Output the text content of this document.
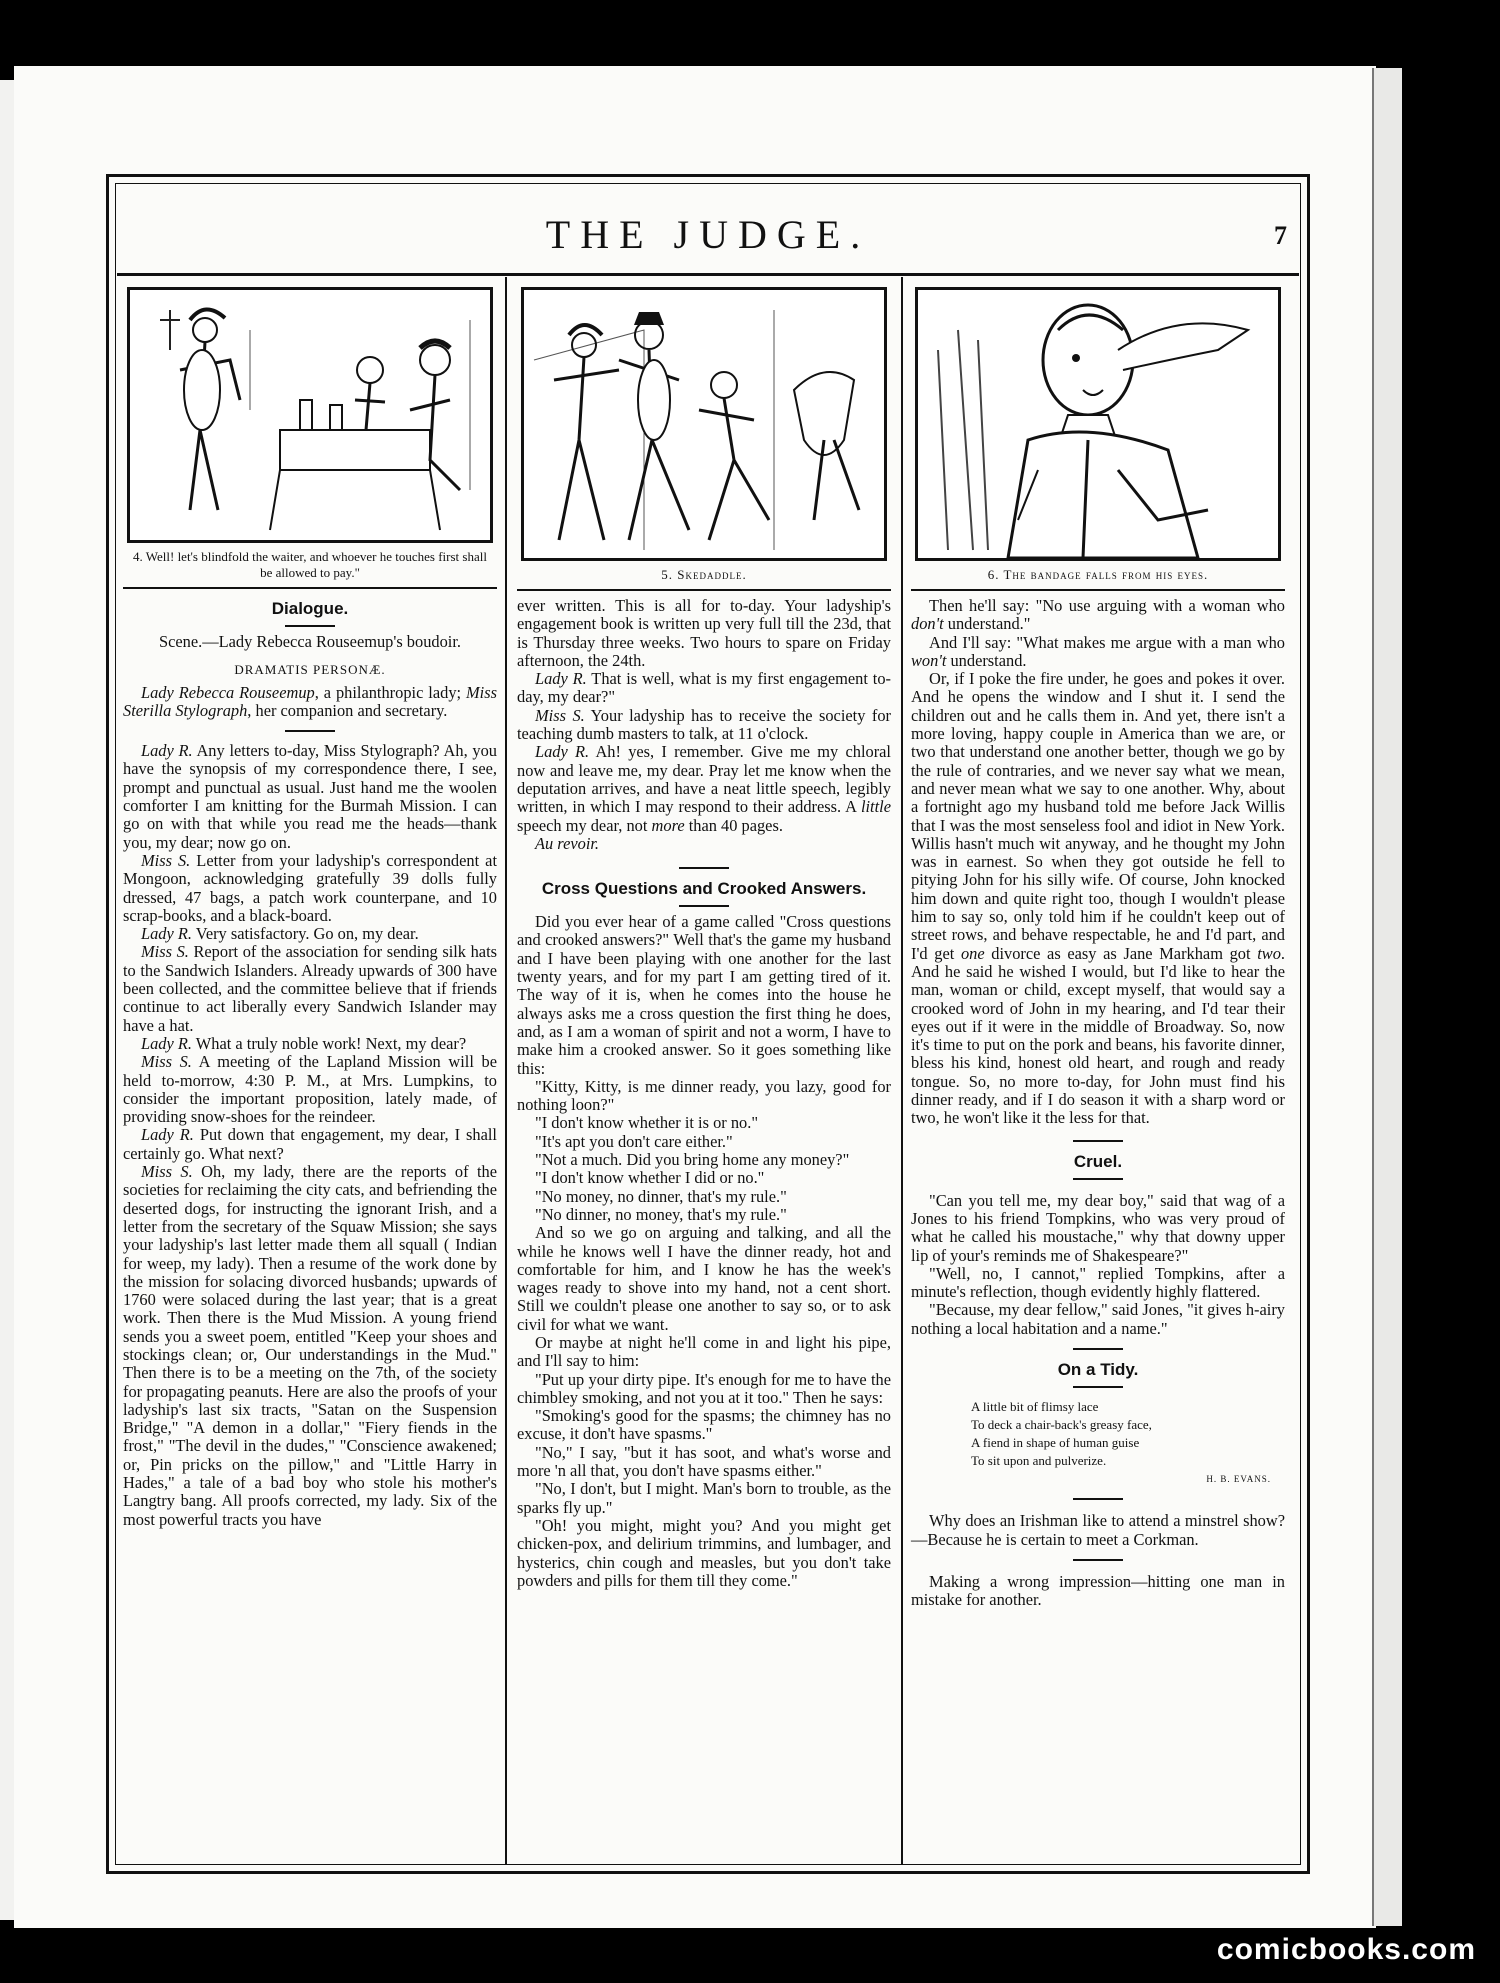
THE JUDGE.	7
4. Well! let's blindfold the waiter, and whoever he touches first shall be allowed to pay."
Dialogue.
Scene.—Lady Rebecca Rouseemup's boudoir.
DRAMATIS PERSONÆ.

Lady Rebecca Rouseemup, a philanthropic lady; Miss Sterilla Stylograph, her companion and secretary.

Lady R. Any letters to-day, Miss Stylograph? Ah, you have the synopsis of my correspondence there, I see, prompt and punctual as usual. Just hand me the woolen comforter I am knitting for the Burmah Mission. I can go on with that while you read me the heads—thank you, my dear; now go on.

Miss S. Letter from your ladyship's correspondent at Mongoon, acknowledging gratefully 39 dolls fully dressed, 47 bags, a patch work counterpane, and 10 scrap-books, and a black-board.

Lady R. Very satisfactory. Go on, my dear.

Miss S. Report of the association for sending silk hats to the Sandwich Islanders. Already upwards of 300 have been collected, and the committee believe that if friends continue to act liberally every Sandwich Islander may have a hat.

Lady R. What a truly noble work! Next, my dear?

Miss S. A meeting of the Lapland Mission will be held to-morrow, 4:30 P. M., at Mrs. Lumpkins, to consider the important proposition, lately made, of providing snow-shoes for the reindeer.

Lady R. Put down that engagement, my dear, I shall certainly go. What next?

Miss S. Oh, my lady, there are the reports of the societies for reclaiming the city cats, and befriending the deserted dogs, for instructing the ignorant Irish, and a letter from the secretary of the Squaw Mission; she says your ladyship's last letter made them all squall ( Indian for weep, my lady). Then a resume of the work done by the mission for solacing divorced husbands; upwards of 1760 were solaced during the last year; that is a great work. Then there is the Mud Mission. A young friend sends you a sweet poem, entitled "Keep your shoes and stockings clean; or, Our understandings in the Mud." Then there is to be a meeting on the 7th, of the society for propagating peanuts. Here are also the proofs of your ladyship's last six tracts, "Satan on the Suspension Bridge," "A demon in a dollar," "Fiery fiends in the frost," "The devil in the dudes," "Conscience awakened; or, Pin pricks on the pillow," and "Little Harry in Hades," a tale of a bad boy who stole his mother's Langtry bang. All proofs corrected, my lady. Six of the most powerful tracts you have

5. Skedaddle.

ever written. This is all for to-day. Your ladyship's engagement book is written up very full till the 23d, that is Thursday three weeks. Two hours to spare on Friday afternoon, the 24th.

Lady R. That is well, what is my first engagement to-day, my dear?"

Miss S. Your ladyship has to receive the society for teaching dumb masters to talk, at 11 o'clock.

Lady R. Ah! yes, I remember. Give me my chloral now and leave me, my dear. Pray let me know when the deputation arrives, and have a neat little speech, legibly written, in which I may respond to their address. A little speech my dear, not more than 40 pages.

Au revoir.

Cross Questions and Crooked Answers.

Did you ever hear of a game called "Cross questions and crooked answers?" Well that's the game my husband and I have been playing with one another for the last twenty years, and for my part I am getting tired of it. The way of it is, when he comes into the house he always asks me a cross question the first thing he does, and, as I am a woman of spirit and not a worm, I have to make him a crooked answer. So it goes something like this:

"Kitty, Kitty, is me dinner ready, you lazy, good for nothing loon?"

"I don't know whether it is or no."

"It's apt you don't care either."

"Not a much. Did you bring home any money?"

"I don't know whether I did or no."

"No money, no dinner, that's my rule."

"No dinner, no money, that's my rule."

And so we go on arguing and talking, and all the while he knows well I have the dinner ready, hot and comfortable for him, and I know he has the week's wages ready to shove into my hand, not a cent short. Still we couldn't please one another to say so, or to ask civil for what we want.

Or maybe at night he'll come in and light his pipe, and I'll say to him:

"Put up your dirty pipe. It's enough for me to have the chimbley smoking, and not you at it too." Then he says:

"Smoking's good for the spasms; the chimney has no excuse, it don't have spasms."

"No," I say, "but it has soot, and what's worse and more 'n all that, you don't have spasms either."

"No, I don't, but I might. Man's born to trouble, as the sparks fly up."

"Oh! you might, might you? And you might get chicken-pox, and delirium trimmins, and lumbager, and hysterics, chin cough and measles, but you don't take powders and pills for them till they come."

6. The bandage falls from his eyes.

Then he'll say: "No use arguing with a woman who don't understand."

And I'll say: "What makes me argue with a man who won't understand.

Or, if I poke the fire under, he goes and pokes it over. And he opens the window and I shut it. I send the children out and he calls them in. And yet, there isn't a more loving, happy couple in America than we are, or two that understand one another better, though we go by the rule of contraries, and we never say what we mean, and never mean what we say to one another. Why, about a fortnight ago my husband told me before Jack Willis that I was the most senseless fool and idiot in New York. Willis hasn't much wit anyway, and he thought my John was in earnest. So when they got outside he fell to pitying John for his silly wife. Of course, John knocked him down and quite right too, though I wouldn't please him to say so, only told him if he couldn't keep out of street rows, and behave respectable, he and I'd part, and I'd get one divorce as easy as Jane Markham got two. And he said he wished I would, but I'd like to hear the man, woman or child, except myself, that would say a crooked word of John in my hearing, and I'd tear their eyes out if it were in the middle of Broadway. So, now it's time to put on the pork and beans, his favorite dinner, bless his kind, honest old heart, and rough and ready tongue. So, no more to-day, for John must find his dinner ready, and if I do season it with a sharp word or two, he won't like it the less for that.

Cruel.

"Can you tell me, my dear boy," said that wag of a Jones to his friend Tompkins, who was very proud of what he called his moustache," why that downy upper lip of your's reminds me of Shakespeare?"

"Well, no, I cannot," replied Tompkins, after a minute's reflection, though evidently highly flattered.

"Because, my dear fellow," said Jones, "it gives h-airy nothing a local habitation and a name."

On a Tidy.
A little bit of flimsy lace
To deck a chair-back's greasy face,
A fiend in shape of human guise
To sit upon and pulverize.
H. B. EVANS.

Why does an Irishman like to attend a minstrel show?—Because he is certain to meet a Corkman.

Making a wrong impression—hitting one man in mistake for another.

comicbooks.com
